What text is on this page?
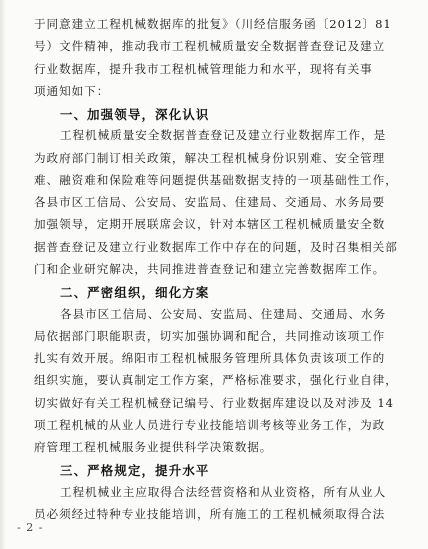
于同意建立工程机械数据库的批复》（川经信服务函〔2012〕81
号）文件精神，推动我市工程机械质量安全数据普查登记及建立
行业数据库，提升我市工程机械管理能力和水平，现将有关事
项通知如下：
一、加强领导，深化认识
工程机械质量安全数据普查登记及建立行业数据库工作，是
为政府部门制订相关政策，解决工程机械身份识别难、安全管理
难、融资难和保险难等问题提供基础数据支持的一项基础性工作，
各县市区工信局、公安局、安监局、住建局、交通局、水务局要
加强领导，定期开展联席会议，针对本辖区工程机械质量安全数
据普查登记及建立行业数据库工作中存在的问题，及时召集相关部
门和企业研究解决，共同推进普查登记和建立完善数据库工作。
二、严密组织，细化方案
各县市区工信局、公安局、安监局、住建局、交通局、水务
局依据部门职能职责，切实加强协调和配合，共同推动该项工作
扎实有效开展。绵阳市工程机械服务管理所具体负责该项工作的
组织实施，要认真制定工作方案，严格标准要求，强化行业自律，
切实做好有关工程机械登记编号、行业数据库建设以及对涉及 14
项工程机械的从业人员进行专业技能培训考核等业务工作，为政
府管理工程机械服务业提供科学决策数据。
三、严格规定，提升水平
工程机械业主应取得合法经营资格和从业资格，所有从业人
员必须经过特种专业技能培训，所有施工的工程机械须取得合法
- 2 -
